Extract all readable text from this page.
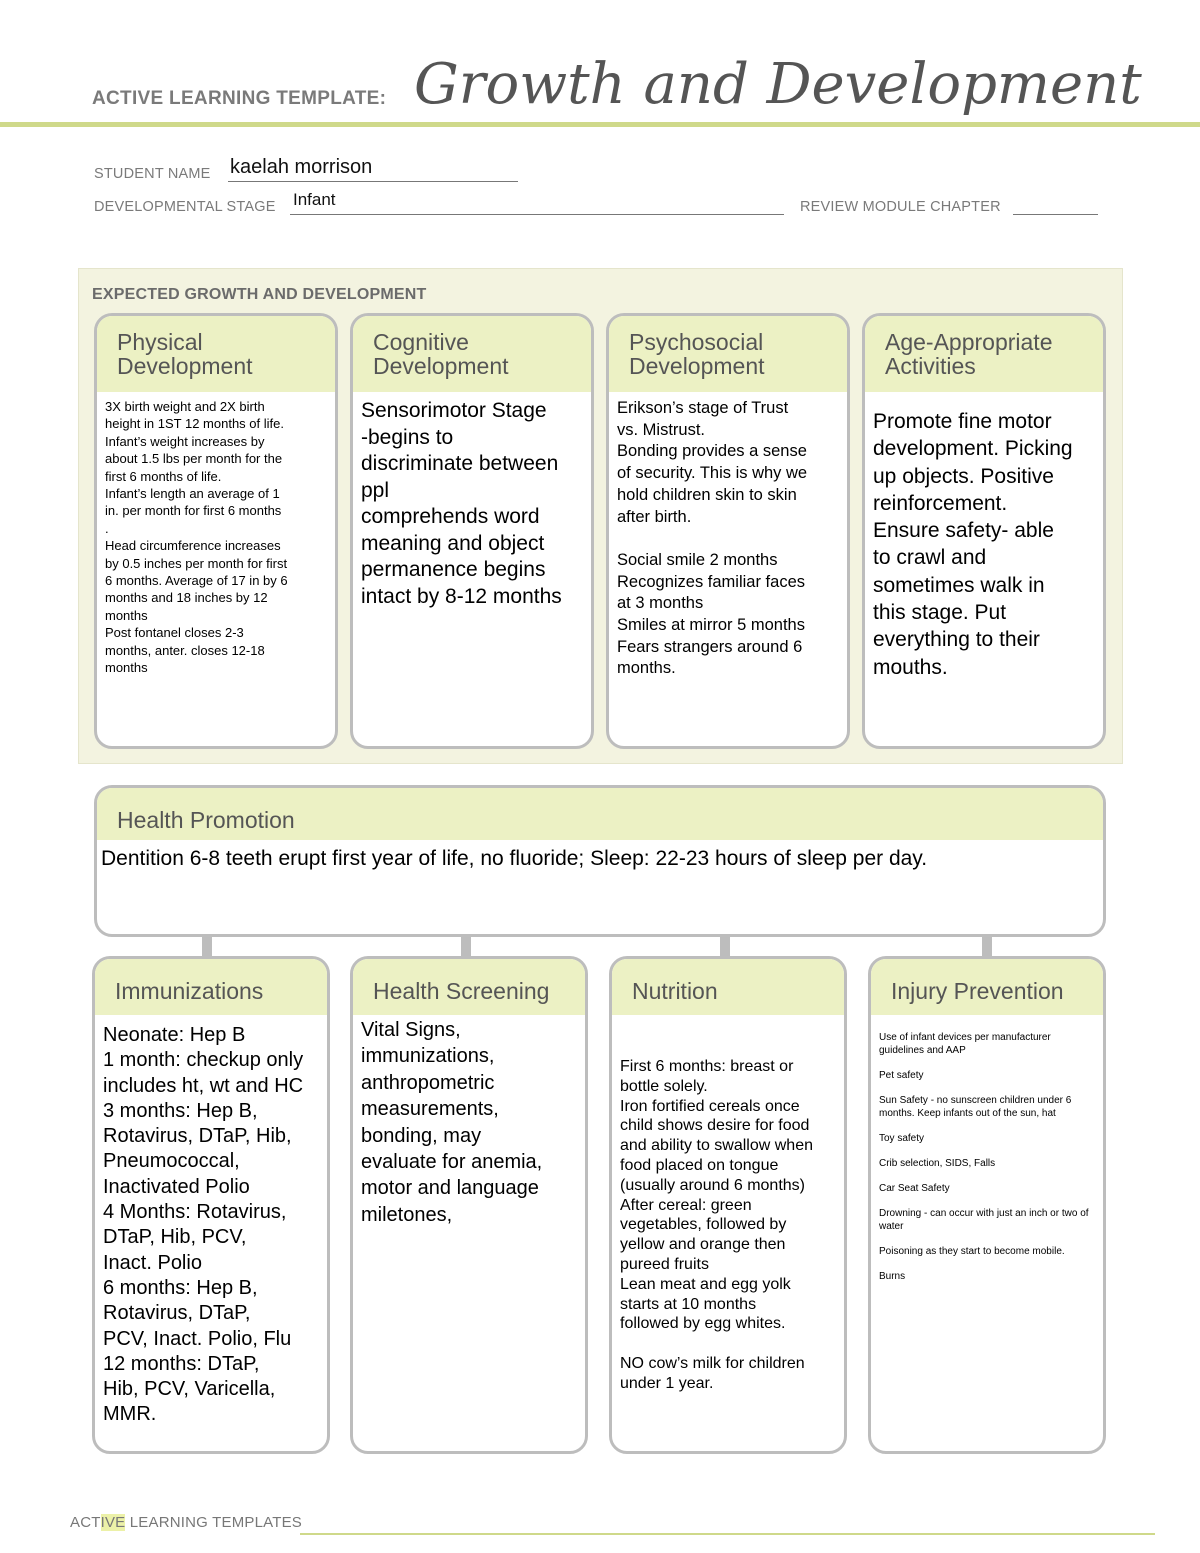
ACTIVE LEARNING TEMPLATE: Growth and Development
STUDENT NAME kaelah morrison
DEVELOPMENTAL STAGE Infant	REVIEW MODULE CHAPTER
EXPECTED GROWTH AND DEVELOPMENT
Physical
Development
3X birth weight and 2X birth
height in 1ST 12 months of life.
Infant’s weight increases by
about 1.5 lbs per month for the
first 6 months of life.
Infant’s length an average of 1
in. per month for first 6 months
.
Head circumference increases
by 0.5 inches per month for first
6 months. Average of 17 in by 6
months and 18 inches by 12
months
Post fontanel closes 2-3
months, anter. closes 12-18
months
Cognitive
Development
Sensorimotor Stage
-begins to
discriminate between
ppl
comprehends word
meaning and object
permanence begins
intact by 8-12 months
Psychosocial
Development
Erikson’s stage of Trust
vs. Mistrust.
Bonding provides a sense
of security. This is why we
hold children skin to skin
after birth.

Social smile 2 months
Recognizes familiar faces
at 3 months
Smiles at mirror 5 months
Fears strangers around 6
months.
Age-Appropriate
Activities
Promote fine motor
development. Picking
up objects. Positive
reinforcement.
Ensure safety- able
to crawl and
sometimes walk in
this stage. Put
everything to their
mouths.
Health Promotion
Dentition 6-8 teeth erupt first year of life, no fluoride; Sleep: 22-23 hours of sleep per day.
Immunizations
Neonate: Hep B
1 month: checkup only
includes ht, wt and HC
3 months: Hep B,
Rotavirus, DTaP, Hib,
Pneumococcal,
Inactivated Polio
4 Months: Rotavirus,
DTaP, Hib, PCV,
Inact. Polio
6 months: Hep B,
Rotavirus, DTaP,
PCV, Inact. Polio, Flu
12 months: DTaP,
Hib, PCV, Varicella,
MMR.
Health Screening
Vital Signs,
immunizations,
anthropometric
measurements,
bonding, may
evaluate for anemia,
motor and language
miletones,
Nutrition
First 6 months: breast or
bottle solely.
Iron fortified cereals once
child shows desire for food
and ability to swallow when
food placed on tongue
(usually around 6 months)
After cereal: green
vegetables, followed by
yellow and orange then
pureed fruits
Lean meat and egg yolk
starts at 10 months
followed by egg whites.

NO cow’s milk for children
under 1 year.
Injury Prevention
Use of infant devices per manufacturer guidelines and AAP
Pet safety
Sun Safety - no sunscreen children under 6 months. Keep infants out of the sun, hat
Toy safety
Crib selection, SIDS, Falls
Car Seat Safety
Drowning - can occur with just an inch or two of water
Poisoning as they start to become mobile.
Burns
ACTIVE LEARNING TEMPLATES
